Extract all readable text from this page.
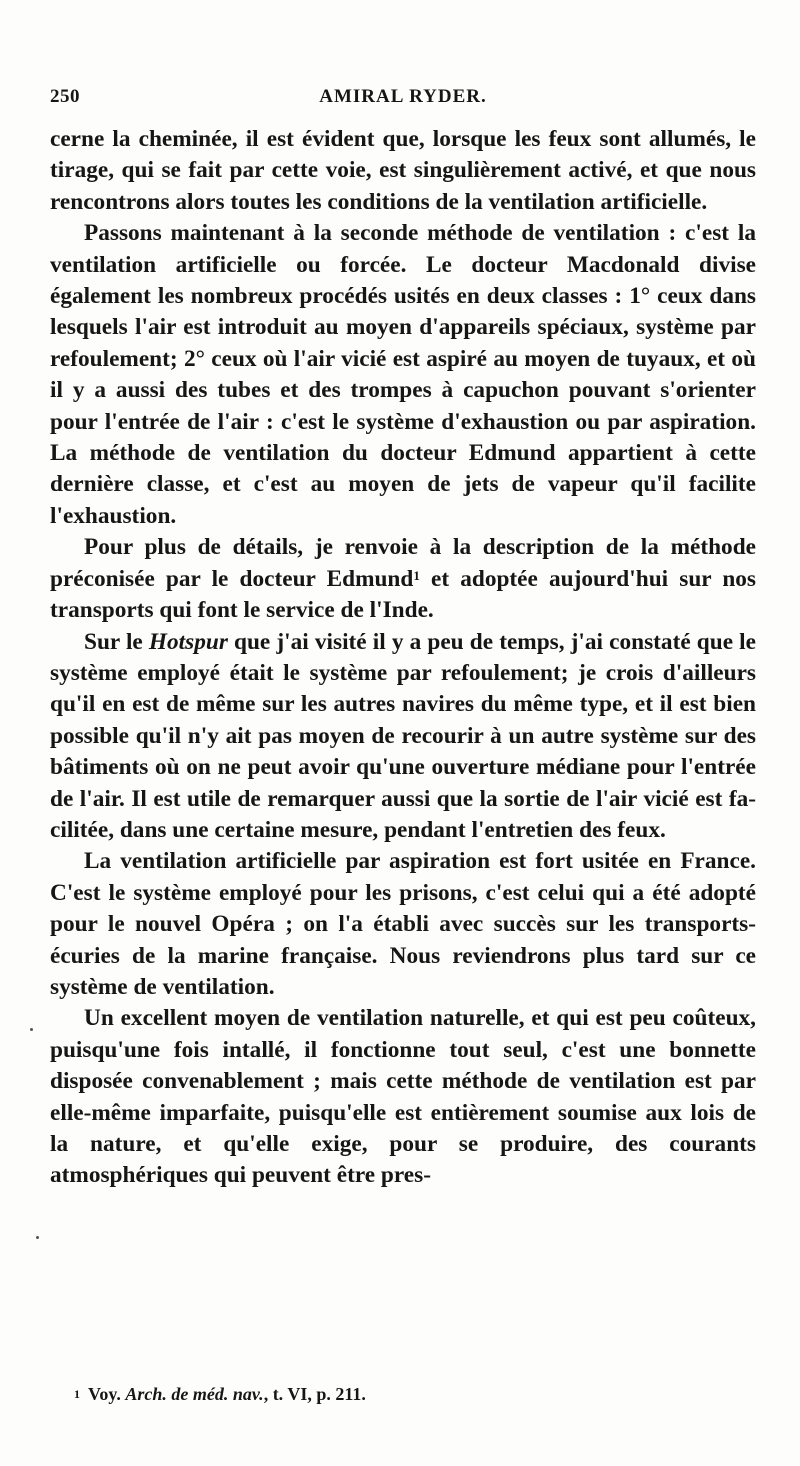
250	AMIRAL RYDER.

cerne la cheminée, il est évident que, lorsque les feux sont allumés, le tirage, qui se fait par cette voie, est singulièrement activé, et que nous rencontrons alors toutes les conditions de la ventilation artificielle.

Passons maintenant à la seconde méthode de ventilation : c'est la ventilation artificielle ou forcée. Le docteur Macdonald divise également les nombreux procédés usités en deux classes : 1° ceux dans lesquels l'air est introduit au moyen d'appareils spéciaux, système par refoulement; 2° ceux où l'air vicié est aspiré au moyen de tuyaux, et où il y a aussi des tubes et des trompes à capuchon pouvant s'orienter pour l'entrée de l'air : c'est le système d'exhaustion ou par aspiration. La méthode de ventilation du docteur Edmund appartient à cette dernière classe, et c'est au moyen de jets de vapeur qu'il facilite l'exhaustion.

Pour plus de détails, je renvoie à la description de la méthode préconisée par le docteur Edmund$^1$ et adoptée aujourd'hui sur nos transports qui font le service de l'Inde.

Sur le Hotspur que j'ai visité il y a peu de temps, j'ai constaté que le système employé était le système par refoulement; je crois d'ailleurs qu'il en est de même sur les autres navires du même type, et il est bien possible qu'il n'y ait pas moyen de recourir à un autre système sur des bâtiments où on ne peut avoir qu'une ouverture médiane pour l'entrée de l'air. Il est utile de remarquer aussi que la sortie de l'air vicié est facilitée, dans une certaine mesure, pendant l'entretien des feux.

La ventilation artificielle par aspiration est fort usitée en France. C'est le système employé pour les prisons, c'est celui qui a été adopté pour le nouvel Opéra ; on l'a établi avec succès sur les transports-écuries de la marine française. Nous reviendrons plus tard sur ce système de ventilation.

Un excellent moyen de ventilation naturelle, et qui est peu coûteux, puisqu'une fois intallé, il fonctionne tout seul, c'est une bonnette disposée convenablement ; mais cette méthode de ventilation est par elle-même imparfaite, puisqu'elle est entièrement soumise aux lois de la nature, et qu'elle exige, pour se produire, des courants atmosphériques qui peuvent être pres-

$^1$ Voy. Arch. de méd. nav., t. VI, p. 211.
